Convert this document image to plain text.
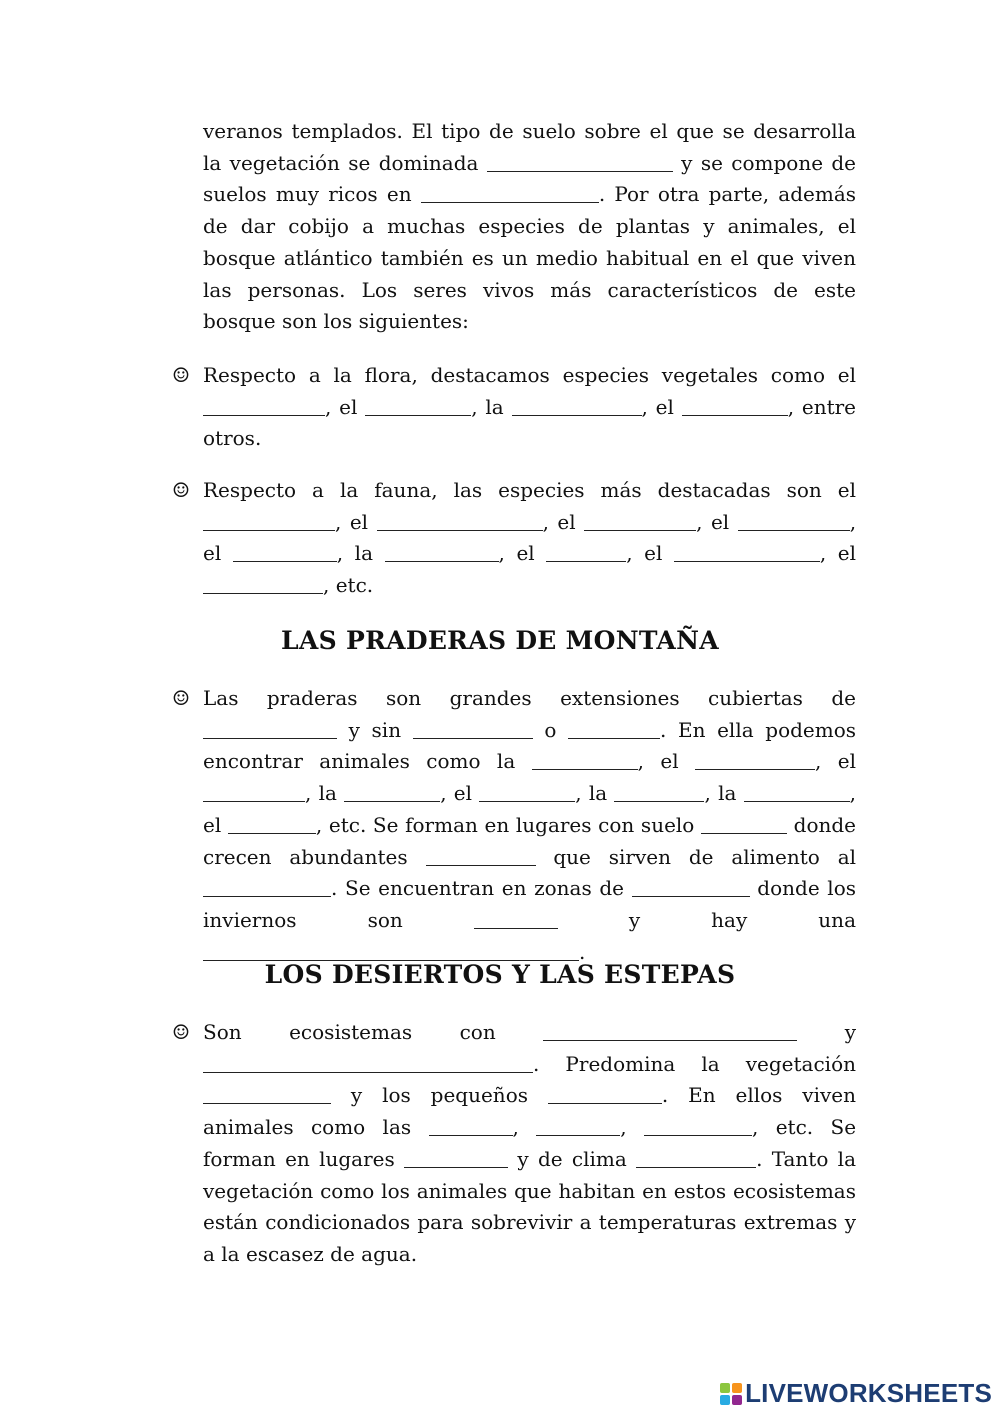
veranos templados. El tipo de suelo sobre el que se desarrolla la vegetación se dominada	y se compone de suelos muy ricos en	. Por otra parte, además de dar cobijo a muchas especies de plantas y animales, el bosque atlántico también es un medio habitual en el que viven las personas. Los seres vivos más característicos de este bosque son los siguientes:

☺ Respecto a la flora, destacamos especies vegetales como el , el	, la	, el	, entre otros.

☺ Respecto a la fauna, las especies más destacadas son el , el	, el	, el	, el	, la	, el	, el	, el , etc.

LAS PRADERAS DE MONTAÑA
☺ Las praderas son grandes extensiones cubiertas de  y sin	o	. En ella podemos encontrar animales como la	, el	, el , la	, el	, la	, la	, el	, etc. Se forman en lugares con suelo	donde crecen abundantes	que sirven de alimento al . Se encuentran en zonas de	donde los inviernos son	y hay una .

LOS DESIERTOS Y LAS ESTEPAS
☺ Son ecosistemas con	y . Predomina la vegetación  y los pequeños	. En ellos viven animales como las	,	,	, etc. Se forman en lugares	y de clima	. Tanto la vegetación como los animales que habitan en estos ecosistemas están condicionados para sobrevivir a temperaturas extremas y a la escasez de agua.

LIVEWORKSHEETS
